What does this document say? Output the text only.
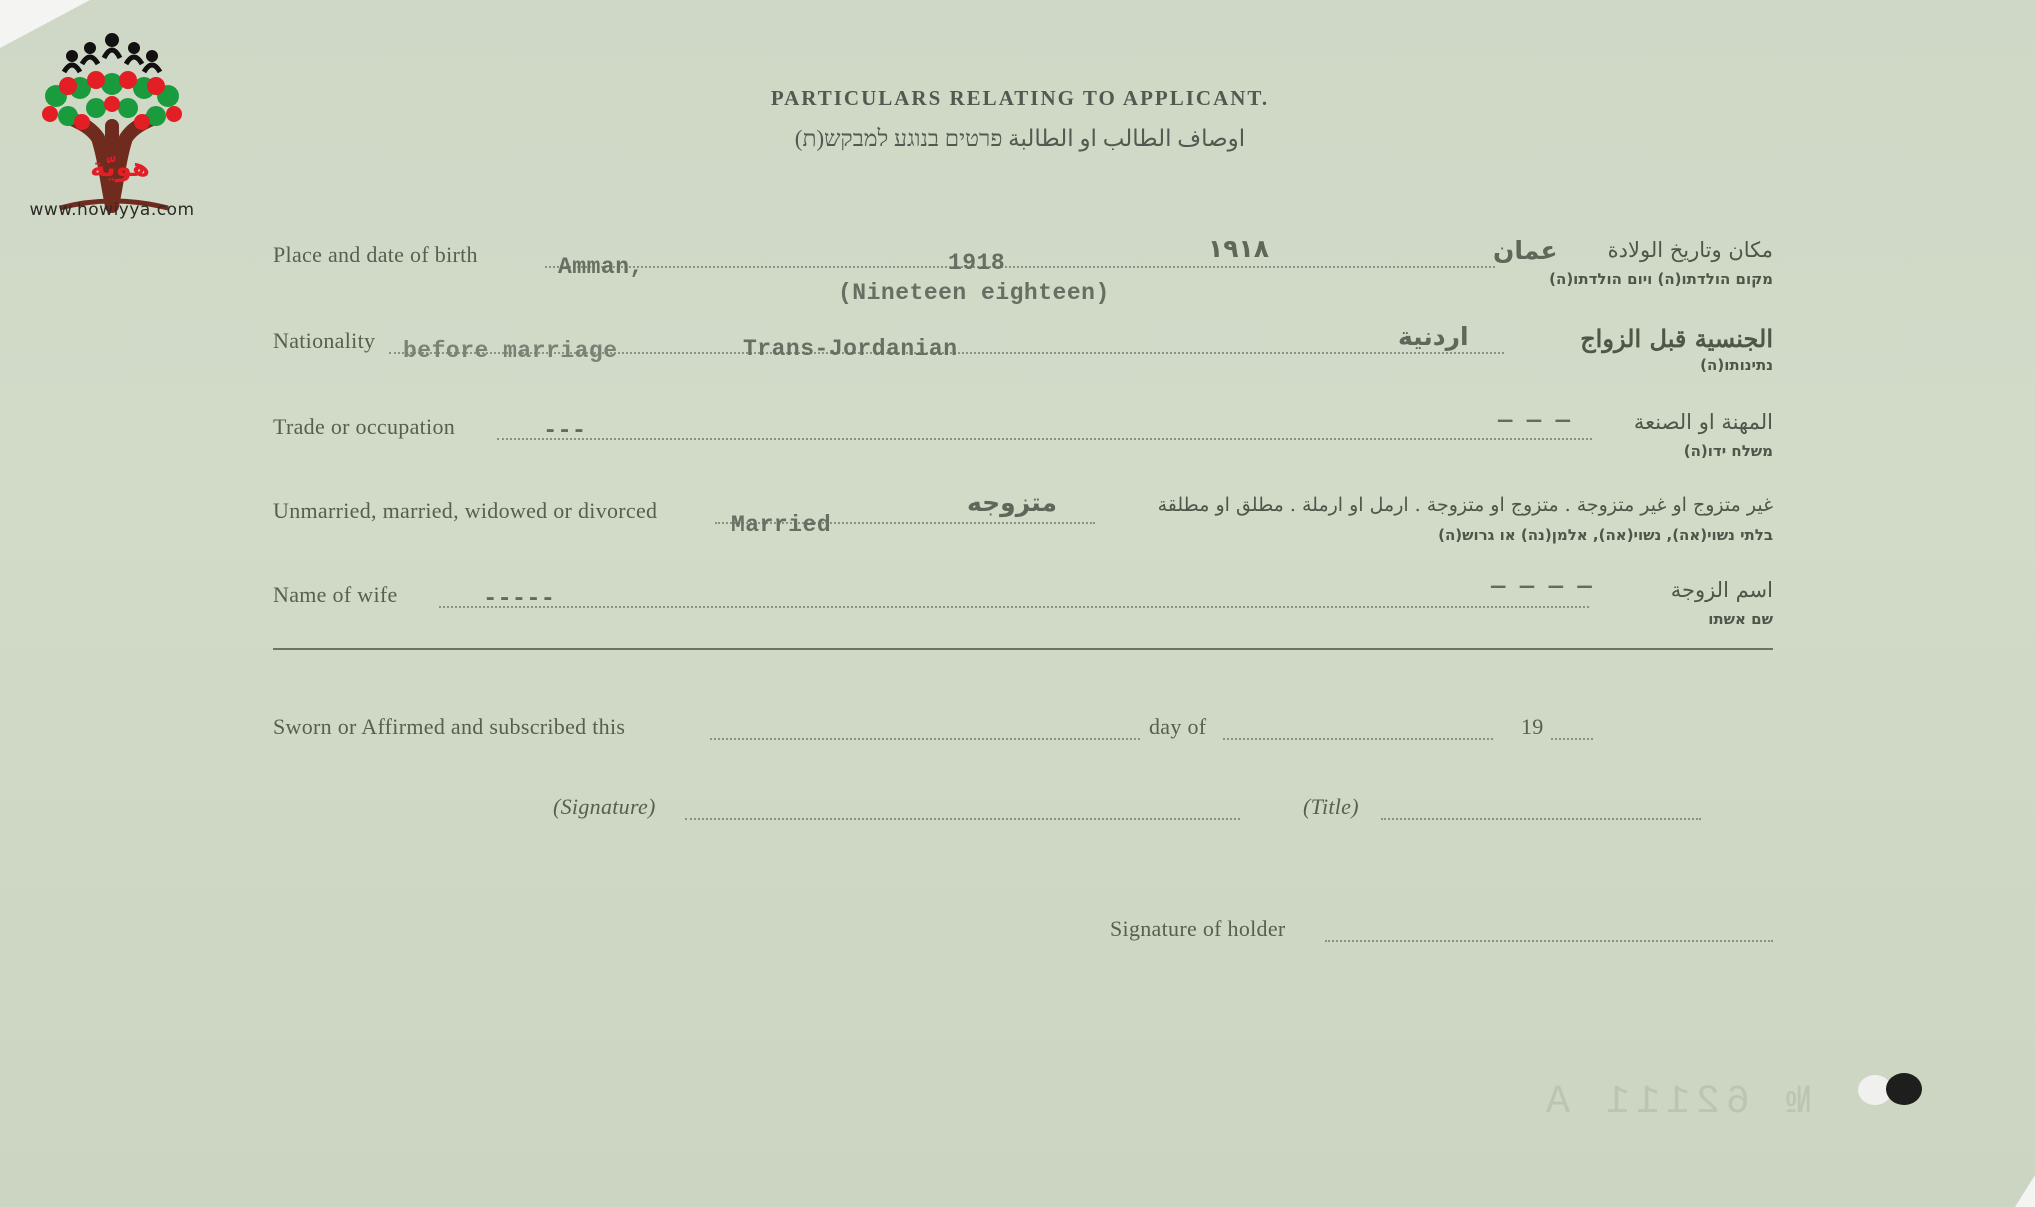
№ 62111 A
هويّة
www.howiyya.com
PARTICULARS RELATING TO APPLICANT.
اوصاف الطالب او الطالبة פרטים בנוגע למבקש(ת)
Place and date of birth	Amman,	1918
(Nineteen eighteen)
١٩١٨	عمان مكان وتاريخ الولادة
מקום הולדתו(ה) ויום הולדתו(ה)
Nationality before marriage	Trans-Jordanian	اردنية	الجنسية قبل الزواج
נתינותו(ה)
Trade or occupation	---	— — —	المهنة او الصنعة
משלח ידו(ה)
Unmarried, married, widowed or divorced
Married
متزوجه	غير متزوج او غير متزوجة . متزوج او متزوجة . ارمل او ارملة . مطلق او مطلقة
בלתי נשוי(אה), נשוי(אה), אלמן(נה) או גרוש(ה)
Name of wife	-----	— — — —	اسم الزوجة
שם אשתו
Sworn or Affirmed and subscribed this	day of	19
(Signature)	(Title)
Signature of holder
